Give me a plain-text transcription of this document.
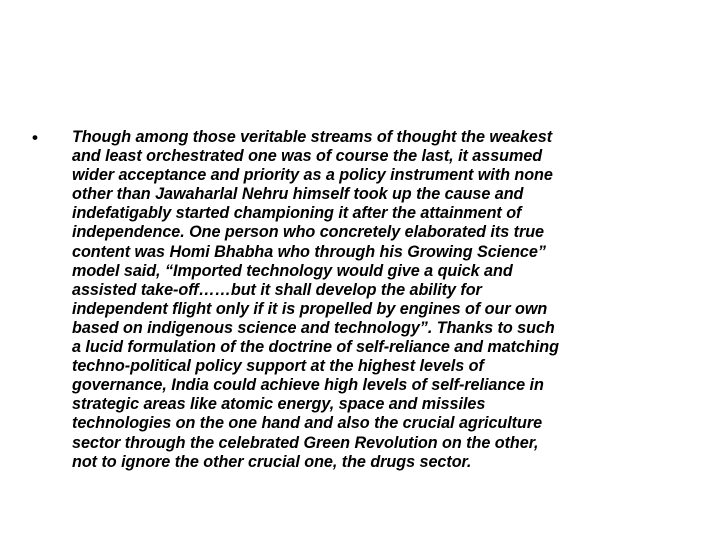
• Though among those veritable streams of thought the weakest
and least orchestrated one was of course the last, it assumed
wider acceptance and priority as a policy instrument with none
other than Jawaharlal Nehru himself took up the cause and
indefatigably started championing it after the attainment of
independence. One person who concretely elaborated its true
content was Homi Bhabha who through his Growing Science”
model said, “Imported technology would give a quick and
assisted take-off……but it shall develop the ability for
independent flight only if it is propelled by engines of our own
based on indigenous science and technology”. Thanks to such
a lucid formulation of the doctrine of self-reliance and matching
techno-political policy support at the highest levels of
governance, India could achieve high levels of self-reliance in
strategic areas like atomic energy, space and missiles
technologies on the one hand and also the crucial agriculture
sector through the celebrated Green Revolution on the other,
not to ignore the other crucial one, the drugs sector.
